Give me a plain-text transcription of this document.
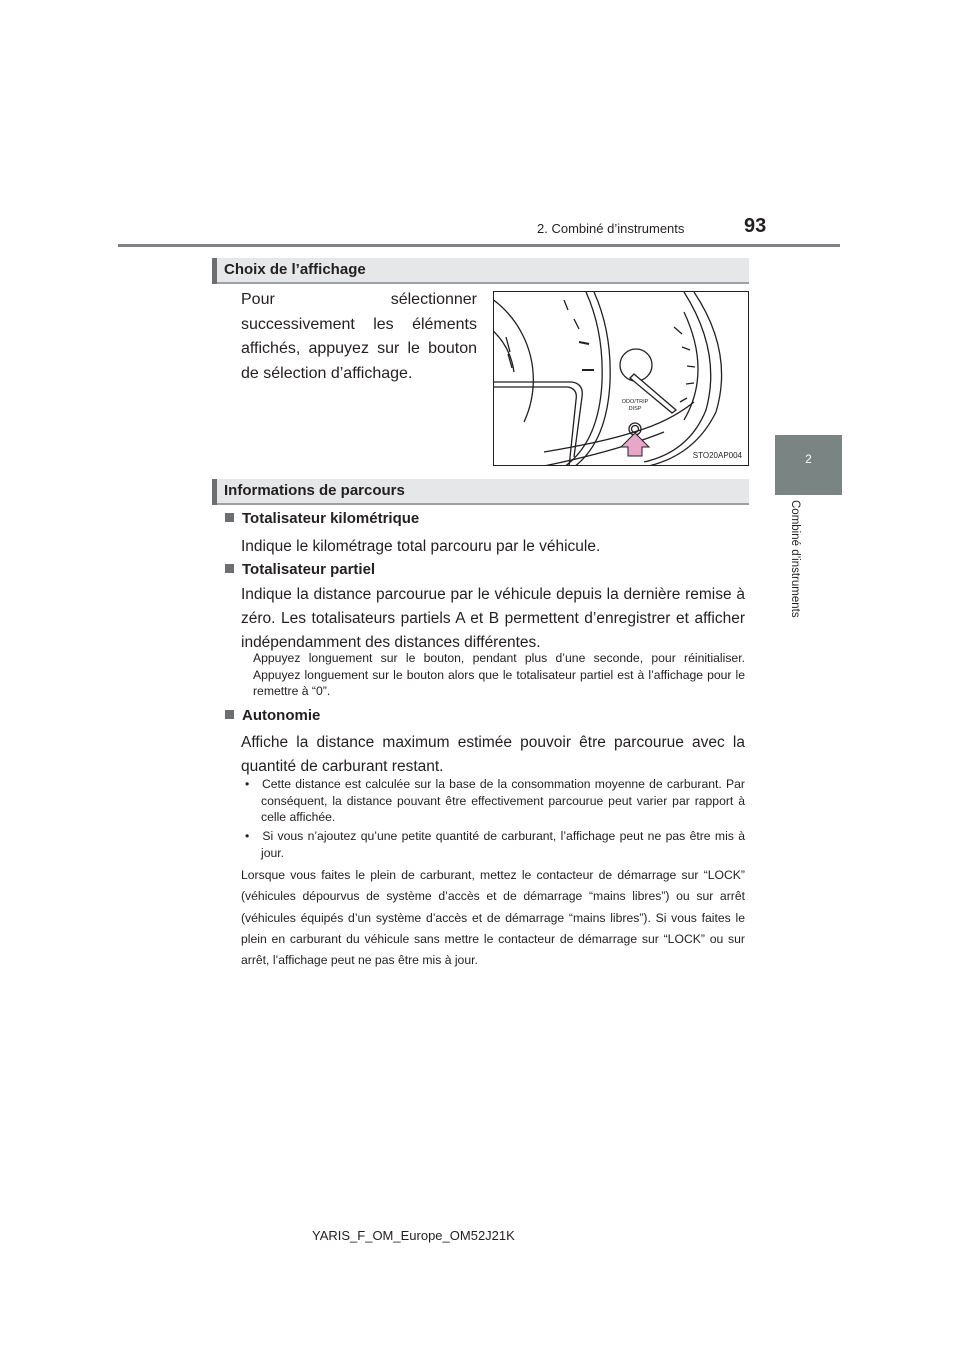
2. Combiné d’instruments	93
2
Combiné d’instruments
Choix de l’affichage
Pour sélectionner successivement les éléments affichés, appuyez sur le bouton de sélection d’affichage.
ODO/TRIP
DISP
STO20AP004
Informations de parcours
Totalisateur kilométrique
Indique le kilométrage total parcouru par le véhicule.
Totalisateur partiel
Indique la distance parcourue par le véhicule depuis la dernière remise à zéro. Les totalisateurs partiels A et B permettent d’enregistrer et afficher indépendamment des distances différentes.
Appuyez longuement sur le bouton, pendant plus d’une seconde, pour réinitialiser. Appuyez longuement sur le bouton alors que le totalisateur partiel est à l’affichage pour le remettre à “0”.
Autonomie
Affiche la distance maximum estimée pouvoir être parcourue avec la quantité de carburant restant.
• Cette distance est calculée sur la base de la consommation moyenne de carburant. Par conséquent, la distance pouvant être effectivement parcourue peut varier par rapport à celle affichée.
• Si vous n’ajoutez qu’une petite quantité de carburant, l’affichage peut ne pas être mis à jour.
Lorsque vous faites le plein de carburant, mettez le contacteur de démarrage sur “LOCK” (véhicules dépourvus de système d’accès et de démarrage “mains libres”) ou sur arrêt (véhicules équipés d’un système d’accès et de démarrage “mains libres”). Si vous faites le plein en carburant du véhicule sans mettre le contacteur de démarrage sur “LOCK” ou sur arrêt, l’affichage peut ne pas être mis à jour.
YARIS_F_OM_Europe_OM52J21K
